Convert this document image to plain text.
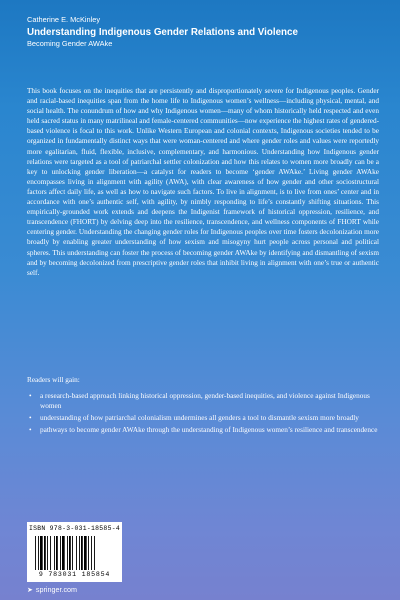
Catherine E. McKinley
Understanding Indigenous Gender Relations and Violence
Becoming Gender AWAke
This book focuses on the inequities that are persistently and disproportionately severe for Indigenous peoples. Gender and racial-based inequities span from the home life to Indigenous women’s wellness—including physical, mental, and social health. The conundrum of how and why Indigenous women—many of whom historically held respected and even held sacred status in many matrilineal and female-centered communities—now experience the highest rates of gendered-based violence is focal to this work. Unlike Western European and colonial contexts, Indigenous societies tended to be organized in fundamentally distinct ways that were woman-centered and where gender roles and values were reportedly more egalitarian, fluid, flexible, inclusive, complementary, and harmonious. Understanding how Indigenous gender relations were targeted as a tool of patriarchal settler colonization and how this relates to women more broadly can be a key to unlocking gender liberation—a catalyst for readers to become ‘gender AWAke.’ Living gender AWAke encompasses living in alignment with agility (AWA), with clear awareness of how gender and other sociostructural factors affect daily life, as well as how to navigate such factors. To live in alignment, is to live from ones’ center and in accordance with one’s authentic self, with agility, by nimbly responding to life’s constantly shifting situations. This empirically-grounded work extends and deepens the Indigenist framework of historical oppression, resilience, and transcendence (FHORT) by delving deep into the resilience, transcendence, and wellness components of FHORT while centering gender. Understanding the changing gender roles for Indigenous peoples over time fosters decolonization more broadly by enabling greater understanding of how sexism and misogyny hurt people across personal and political spheres. This understanding can foster the process of becoming gender AWAke by identifying and dismantling of sexism and by becoming decolonized from prescriptive gender roles that inhibit living in alignment with one’s true or authentic self.
Readers will gain:
• a research-based approach linking historical oppression, gender-based inequities, and violence against Indigenous women
• understanding of how patriarchal colonialism undermines all genders a tool to dismantle sexism more broadly
• pathways to become gender AWAke through the understanding of Indigenous women’s resilience and transcendence
ISBN 978-3-031-18585-4
9 783031 185854
➤ springer.com
